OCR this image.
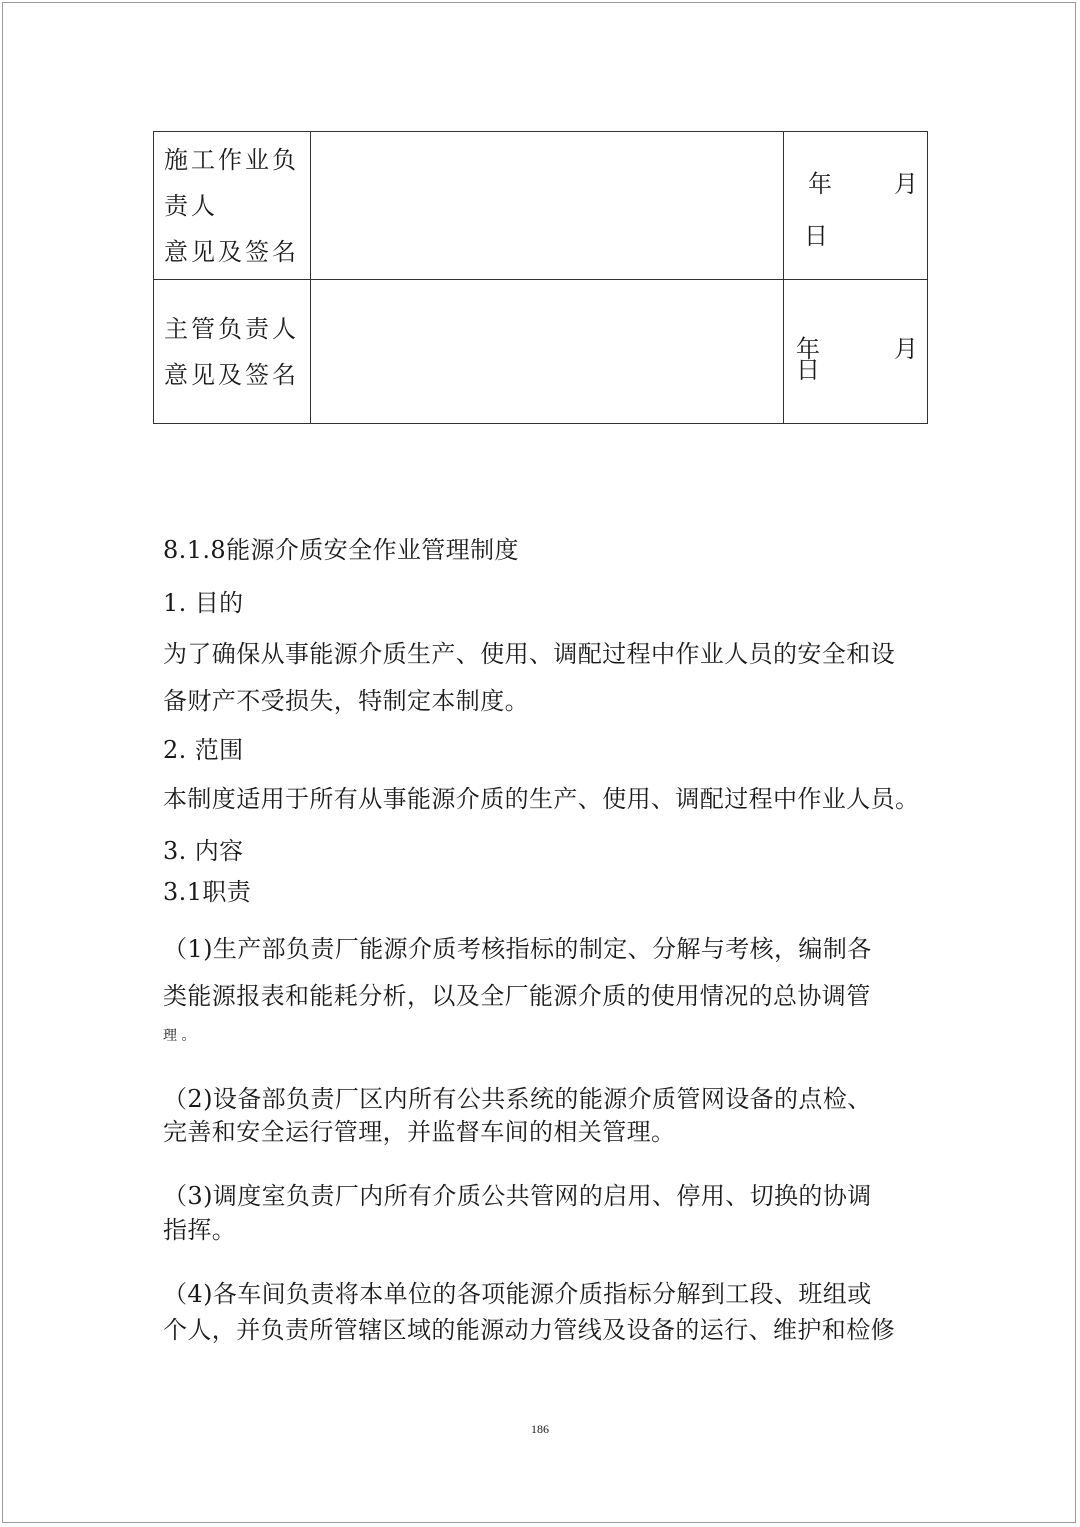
施工作业负
责人
意见及签名		年 月
日

主管负责人
意见及签名		年 月
日
8.1.8能源介质安全作业管理制度
1. 目的
为了确保从事能源介质生产、使用、调配过程中作业人员的安全和设
备财产不受损失，特制定本制度。
2. 范围
本制度适用于所有从事能源介质的生产、使用、调配过程中作业人员。
3. 内容
3.1职责
（1)生产部负责厂能源介质考核指标的制定、分解与考核，编制各
类能源报表和能耗分析，以及全厂能源介质的使用情况的总协调管
理 。
（2)设备部负责厂区内所有公共系统的能源介质管网设备的点检、
完善和安全运行管理，并监督车间的相关管理。
（3)调度室负责厂内所有介质公共管网的启用、停用、切换的协调
指挥。
（4)各车间负责将本单位的各项能源介质指标分解到工段、班组或
个人，并负责所管辖区域的能源动力管线及设备的运行、维护和检修
186
